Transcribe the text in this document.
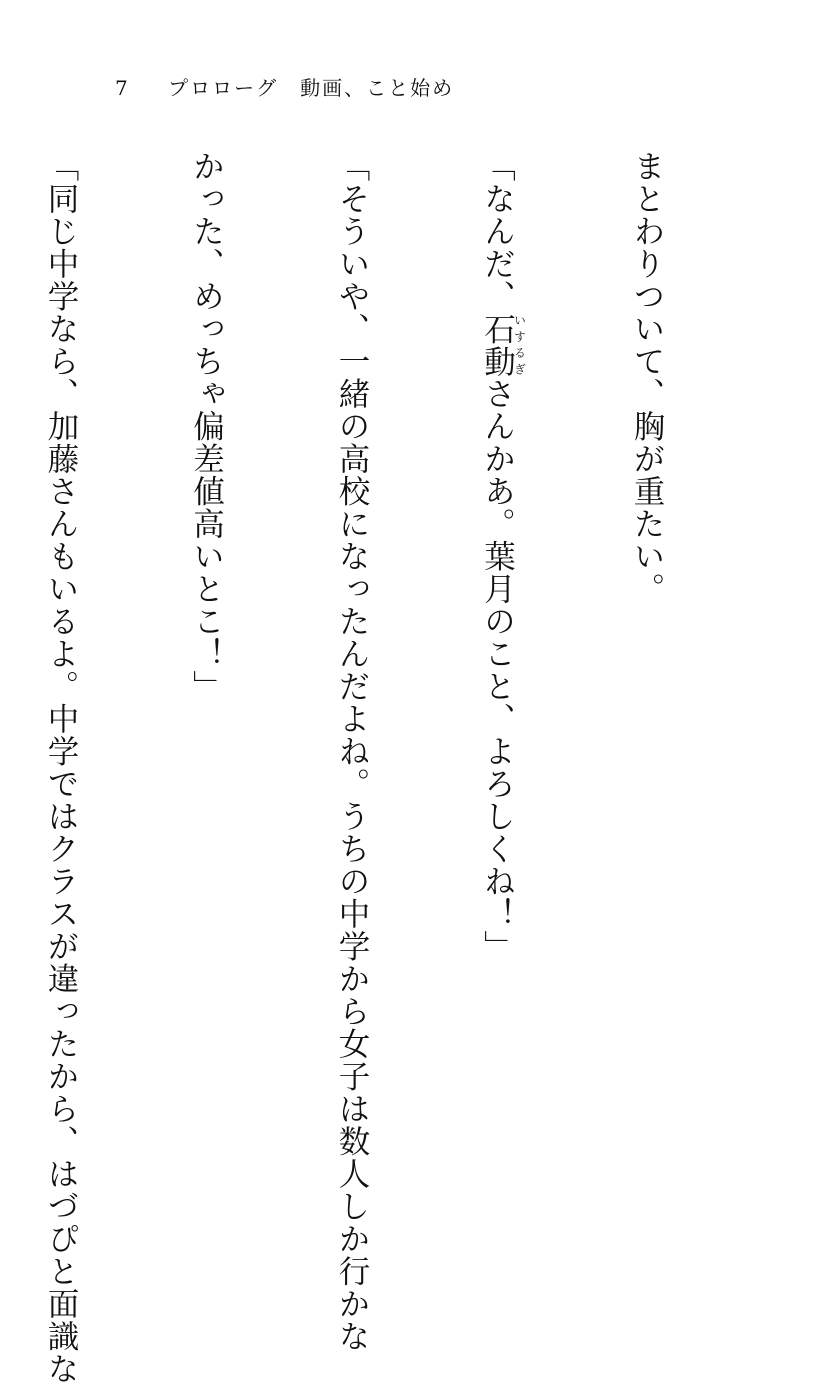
7 プロローグ　動画、こと始め

まとわりついて、胸が重たい。

「なんだ、石動いするぎさんかあ。葉月のこと、よろしくね！」

「そういや、一緒の高校になったんだよね。うちの中学から女子は数人しか行かな

かった、めっちゃ偏差値高いとこ！」

「同じ中学なら、加藤さんもいるよ。中学ではクラスが違ったから、はづぴと面識な
